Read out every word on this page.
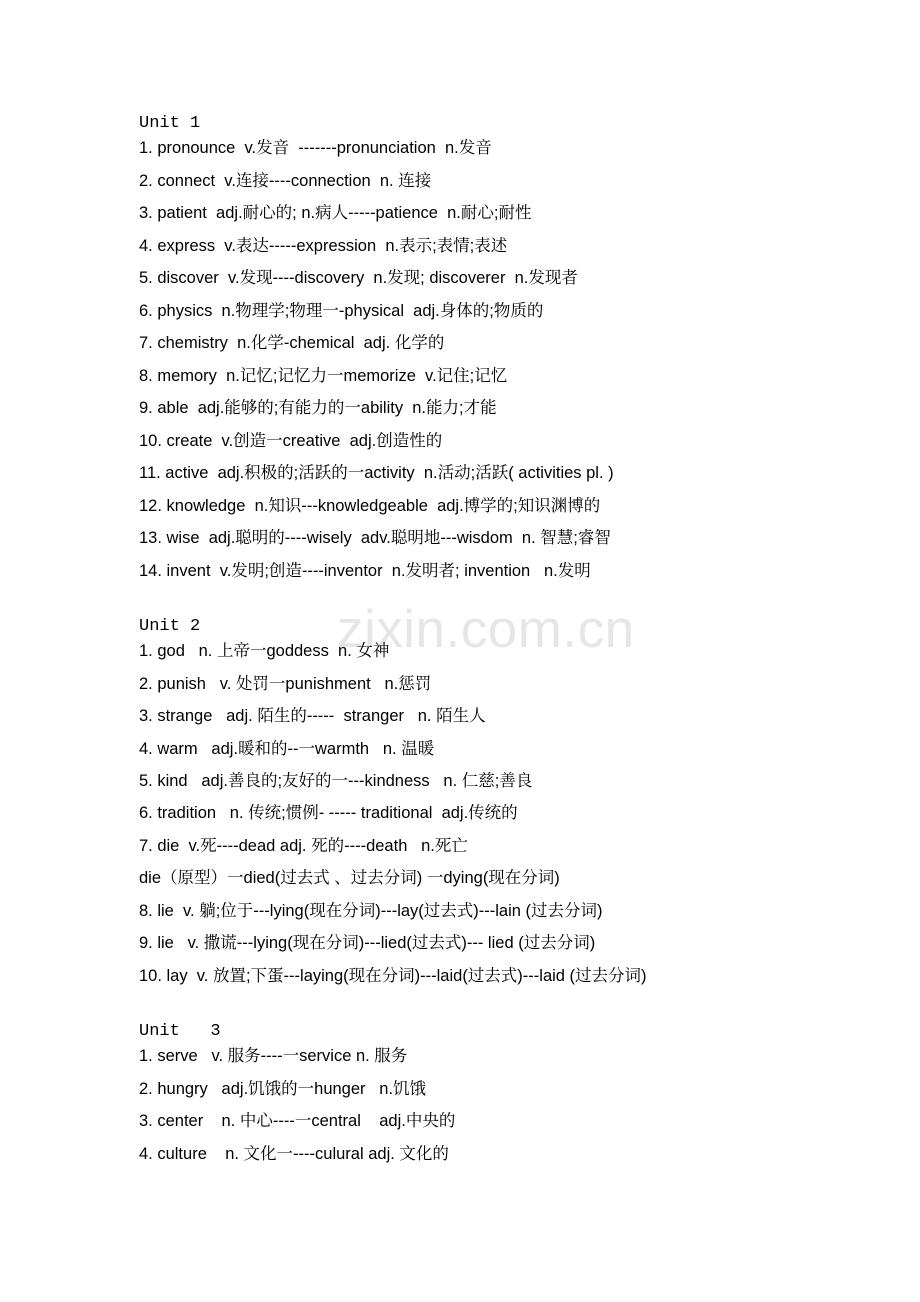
zixin.com.cn
Unit 1
1. pronounce  v.发音  -------pronunciation  n.发音
2. connect  v.连接----connection  n. 连接
3. patient  adj.耐心的; n.病人-----patience  n.耐心;耐性
4. express  v.表达-----expression  n.表示;表情;表述
5. discover  v.发现----discovery  n.发现; discoverer  n.发现者
6. physics  n.物理学;物理一-physical  adj.身体的;物质的
7. chemistry  n.化学-chemical  adj. 化学的
8. memory  n.记忆;记忆力一memorize  v.记住;记忆
9. able  adj.能够的;有能力的一ability  n.能力;才能
10. create  v.创造一creative  adj.创造性的
11. active  adj.积极的;活跃的一activity  n.活动;活跃( activities pl. )
12. knowledge  n.知识---knowledgeable  adj.博学的;知识渊博的
13. wise  adj.聪明的----wisely  adv.聪明地---wisdom  n. 智慧;睿智
14. invent  v.发明;创造----inventor  n.发明者; invention   n.发明
Unit 2
1. god   n. 上帝一goddess  n. 女神
2. punish   v. 处罚一punishment   n.惩罚
3. strange   adj. 陌生的-----  stranger   n. 陌生人
4. warm   adj.暖和的--一warmth   n. 温暖
5. kind   adj.善良的;友好的一---kindness   n. 仁慈;善良
6. tradition   n. 传统;惯例- ----- traditional  adj.传统的
7. die  v.死----dead adj. 死的----death   n.死亡
die（原型）一died(过去式 、过去分词) 一dying(现在分词)
8. lie  v. 躺;位于---lying(现在分词)---lay(过去式)---lain (过去分词)
9. lie   v. 撒谎---lying(现在分词)---lied(过去式)--- lied (过去分词)
10. lay  v. 放置;下蛋---laying(现在分词)---laid(过去式)---laid (过去分词)
Unit   3
1. serve   v. 服务----一service n. 服务
2. hungry   adj.饥饿的一hunger   n.饥饿
3. center    n. 中心----一central    adj.中央的
4. culture    n. 文化一----culural adj. 文化的
